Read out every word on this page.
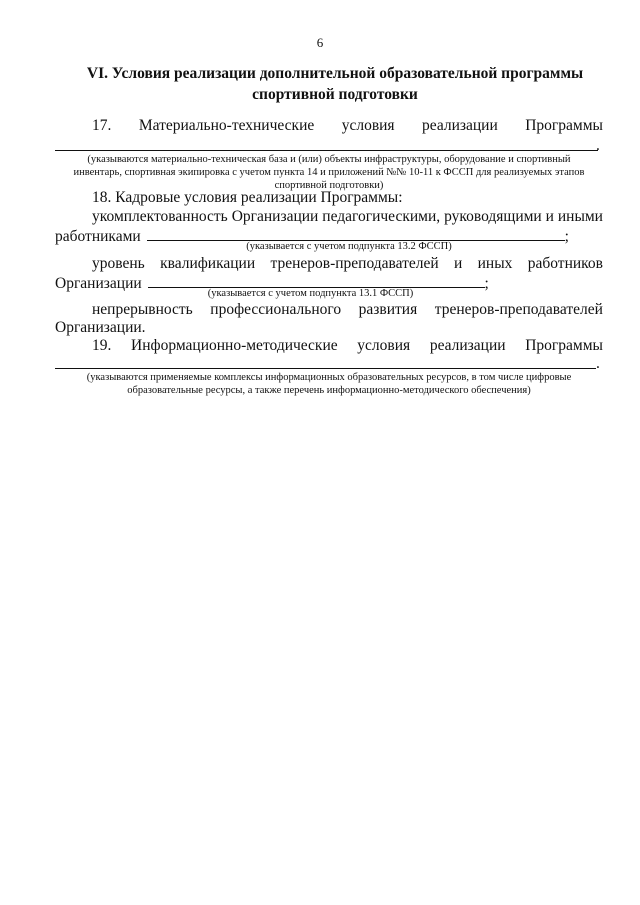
6
VI. Условия реализации дополнительной образовательной программы
спортивной подготовки
17. Материально-технические условия реализации Программы
.
(указываются материально-техническая база и (или) объекты инфраструктуры, оборудование и спортивный
инвентарь, спортивная экипировка с учетом пункта 14 и приложений №№ 10-11 к ФССП для реализуемых этапов
спортивной подготовки)
18. Кадровые условия реализации Программы:
укомплектованность Организации педагогическими, руководящими и иными
работниками	;
(указывается с учетом подпункта 13.2 ФССП)
уровень квалификации тренеров-преподавателей и иных работников
Организации	;
(указывается с учетом подпункта 13.1 ФССП)
непрерывность профессионального развития тренеров-преподавателей
Организации.
19. Информационно-методические условия реализации Программы
.
(указываются применяемые комплексы информационных образовательных ресурсов, в том числе цифровые
образовательные ресурсы, а также перечень информационно-методического обеспечения)
